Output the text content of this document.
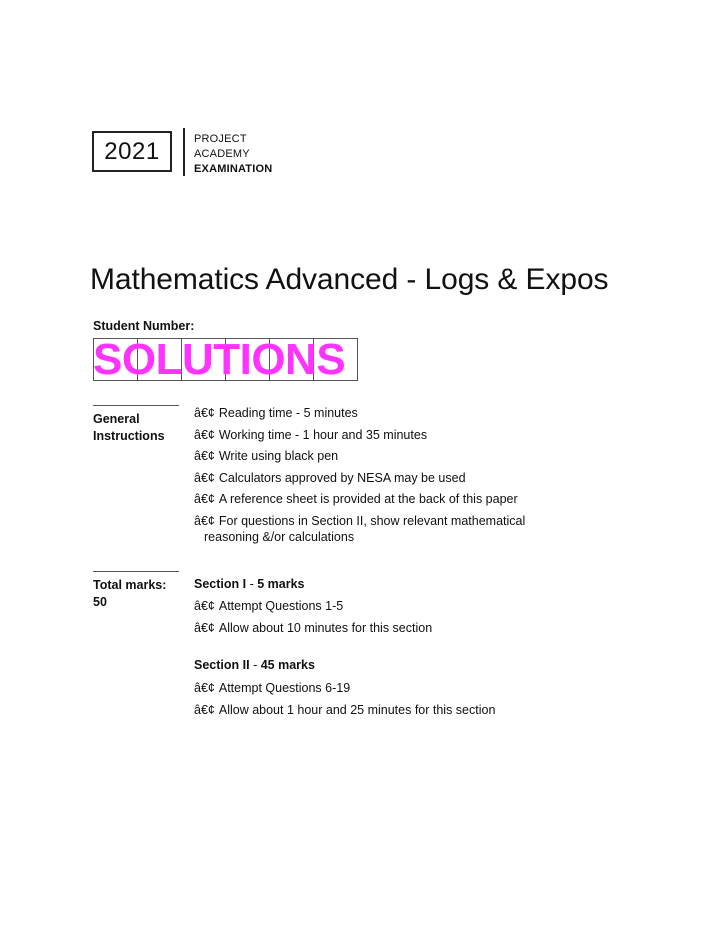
2021	PROJECT
ACADEMY
EXAMINATION
Mathematics Advanced - Logs & Expos
Student Number:
SOLUTIONS
General
Instructions
â€¢ Reading time - 5 minutes
â€¢ Working time - 1 hour and 35 minutes
â€¢ Write using black pen
â€¢ Calculators approved by NESA may be used
â€¢ A reference sheet is provided at the back of this paper
â€¢ For questions in Section II, show relevant mathematical
reasoning &/or calculations
Total marks:
50
Section I - 5 marks
â€¢ Attempt Questions 1-5
â€¢ Allow about 10 minutes for this section
Section II - 45 marks
â€¢ Attempt Questions 6-19
â€¢ Allow about 1 hour and 25 minutes for this section
